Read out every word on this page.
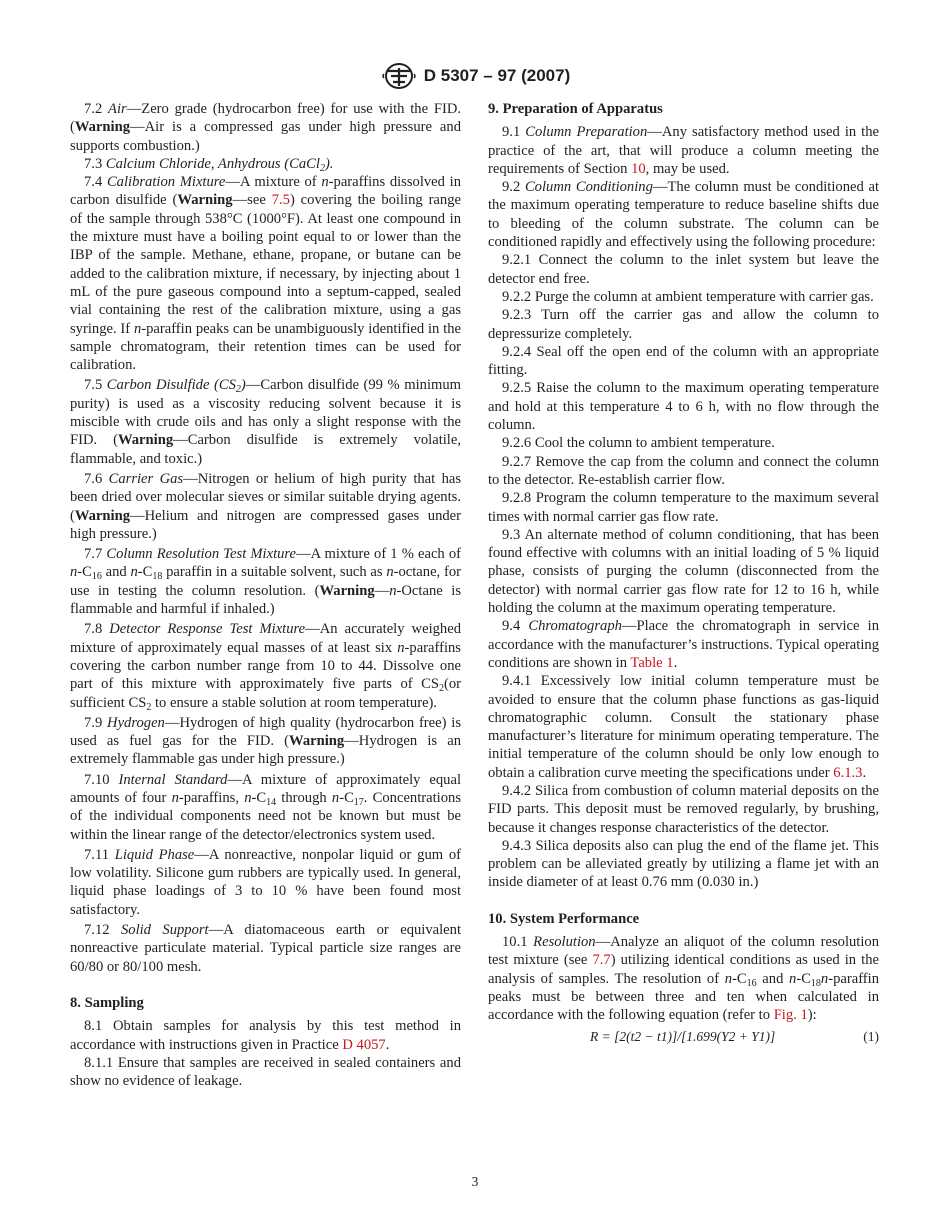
D 5307 – 97 (2007)

7.2 Air—Zero grade (hydrocarbon free) for use with the FID. (Warning—Air is a compressed gas under high pressure and supports combustion.)

7.3 Calcium Chloride, Anhydrous (CaCl$_2$).

7.4 Calibration Mixture—A mixture of n-paraffins dissolved in carbon disulfide (Warning—see 7.5) covering the boiling range of the sample through 538°C (1000°F). At least one compound in the mixture must have a boiling point equal to or lower than the IBP of the sample. Methane, ethane, propane, or butane can be added to the calibration mixture, if necessary, by injecting about 1 mL of the pure gaseous compound into a septum-capped, sealed vial containing the rest of the calibration mixture, using a gas syringe. If n-paraffin peaks can be unambiguously identified in the sample chromatogram, their retention times can be used for calibration.

7.5 Carbon Disulfide $(CS_2)—Carbon$ disulfide (99 % minimum purity) is used as a viscosity reducing solvent because it is miscible with crude oils and has only a slight response with the FID. (Warning—Carbon disulfide is extremely volatile, flammable, and toxic.)

7.6 Carrier Gas—Nitrogen or helium of high purity that has been dried over molecular sieves or similar suitable drying agents. (Warning—Helium and nitrogen are compressed gases under high pressure.)

7.7 Column Resolution Test Mixture—A mixture of 1 % each of $n-C_{16}$ and $n-C_{18}$ paraffin in a suitable solvent, such as n-octane, for use in testing the column resolution. (Warning—n-Octane is flammable and harmful if inhaled.)

7.8 Detector Response Test Mixture—An accurately weighed mixture of approximately equal masses of at least six n-paraffins covering the carbon number range from 10 to 44. Dissolve one part of this mixture with approximately five parts of $CS_2(or$ sufficient $CS_2$ to ensure a stable solution at room temperature).

7.9 Hydrogen—Hydrogen of high quality (hydrocarbon free) is used as fuel gas for the FID. (Warning—Hydrogen is an extremely flammable gas under high pressure.)

7.10 Internal Standard—A mixture of approximately equal amounts of four n-paraffins, $n-C_{14}$ through $n-C_{17}$. Concentrations of the individual components need not be known but must be within the linear range of the detector/electronics system used.

7.11 Liquid Phase—A nonreactive, nonpolar liquid or gum of low volatility. Silicone gum rubbers are typically used. In general, liquid phase loadings of 3 to 10 % have been found most satisfactory.

7.12 Solid Support—A diatomaceous earth or equivalent nonreactive particulate material. Typical particle size ranges are 60/80 or 80/100 mesh.

8. Sampling

8.1 Obtain samples for analysis by this test method in accordance with instructions given in Practice D 4057.

8.1.1 Ensure that samples are received in sealed containers and show no evidence of leakage.

9. Preparation of Apparatus

9.1 Column Preparation—Any satisfactory method used in the practice of the art, that will produce a column meeting the requirements of Section 10, may be used.

9.2 Column Conditioning—The column must be conditioned at the maximum operating temperature to reduce baseline shifts due to bleeding of the column substrate. The column can be conditioned rapidly and effectively using the following procedure:

9.2.1 Connect the column to the inlet system but leave the detector end free.

9.2.2 Purge the column at ambient temperature with carrier gas.

9.2.3 Turn off the carrier gas and allow the column to depressurize completely.

9.2.4 Seal off the open end of the column with an appropriate fitting.

9.2.5 Raise the column to the maximum operating temperature and hold at this temperature 4 to 6 h, with no flow through the column.

9.2.6 Cool the column to ambient temperature.

9.2.7 Remove the cap from the column and connect the column to the detector. Re-establish carrier flow.

9.2.8 Program the column temperature to the maximum several times with normal carrier gas flow rate.

9.3 An alternate method of column conditioning, that has been found effective with columns with an initial loading of 5 % liquid phase, consists of purging the column (disconnected from the detector) with normal carrier gas flow rate for 12 to 16 h, while holding the column at the maximum operating temperature.

9.4 Chromatograph—Place the chromatograph in service in accordance with the manufacturer’s instructions. Typical operating conditions are shown in Table 1.

9.4.1 Excessively low initial column temperature must be avoided to ensure that the column phase functions as gas-liquid chromatographic column. Consult the stationary phase manufacturer’s literature for minimum operating temperature. The initial temperature of the column should be only low enough to obtain a calibration curve meeting the specifications under 6.1.3.

9.4.2 Silica from combustion of column material deposits on the FID parts. This deposit must be removed regularly, by brushing, because it changes response characteristics of the detector.

9.4.3 Silica deposits also can plug the end of the flame jet. This problem can be alleviated greatly by utilizing a flame jet with an inside diameter of at least 0.76 mm (0.030 in.)

10. System Performance

10.1 Resolution—Analyze an aliquot of the column resolution test mixture (see 7.7) utilizing identical conditions as used in the analysis of samples. The resolution of $n-C_{16}$ and $n-C_{18}n$-paraffin peaks must be between three and ten when calculated in accordance with the following equation (refer to Fig. 1):

R = [2(t2 − t1)]/[1.699(Y2 + Y1)]	(1)
3
